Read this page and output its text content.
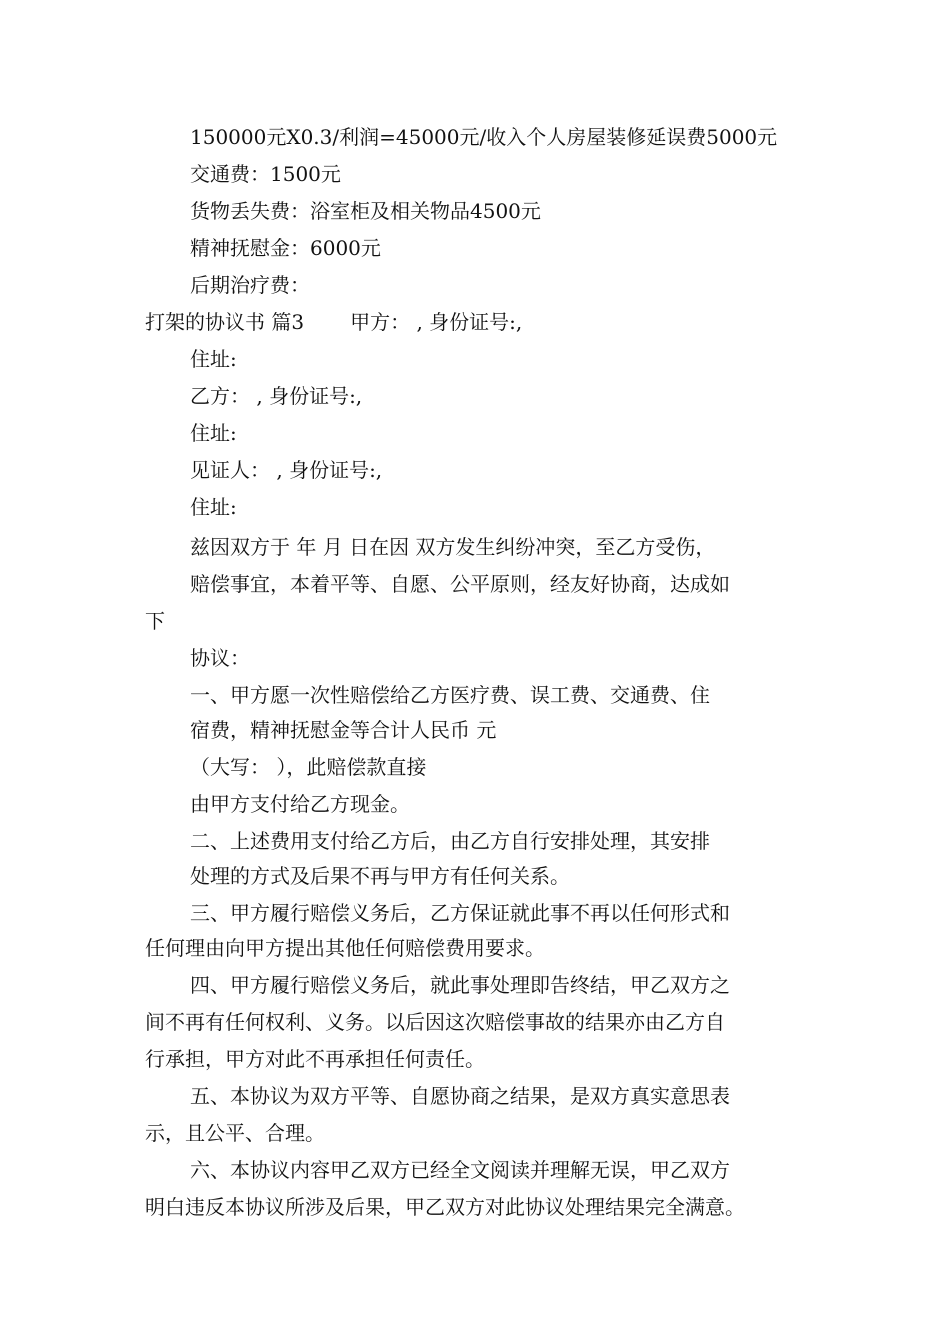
150000元X0.3/利润=45000元/收入个人房屋装修延误费5000元
交通费：1500元
货物丢失费：浴室柜及相关物品4500元
精神抚慰金：6000元
后期治疗费：
打架的协议书 篇3 甲方： , 身份证号:,
住址:
乙方： , 身份证号:,
住址:
见证人： , 身份证号:,
住址:
兹因双方于 年 月 日在因 双方发生纠纷冲突，至乙方受伤，
赔偿事宜，本着平等、自愿、公平原则，经友好协商，达成如
下
协议：
一、甲方愿一次性赔偿给乙方医疗费、误工费、交通费、住
宿费，精神抚慰金等合计人民币 元
（大写： ），此赔偿款直接
由甲方支付给乙方现金。
二、上述费用支付给乙方后，由乙方自行安排处理，其安排
处理的方式及后果不再与甲方有任何关系。
三、甲方履行赔偿义务后，乙方保证就此事不再以任何形式和
任何理由向甲方提出其他任何赔偿费用要求。
四、甲方履行赔偿义务后，就此事处理即告终结，甲乙双方之
间不再有任何权利、义务。以后因这次赔偿事故的结果亦由乙方自
行承担，甲方对此不再承担任何责任。
五、本协议为双方平等、自愿协商之结果，是双方真实意思表
示，且公平、合理。
六、本协议内容甲乙双方已经全文阅读并理解无误，甲乙双方
明白违反本协议所涉及后果，甲乙双方对此协议处理结果完全满意。
